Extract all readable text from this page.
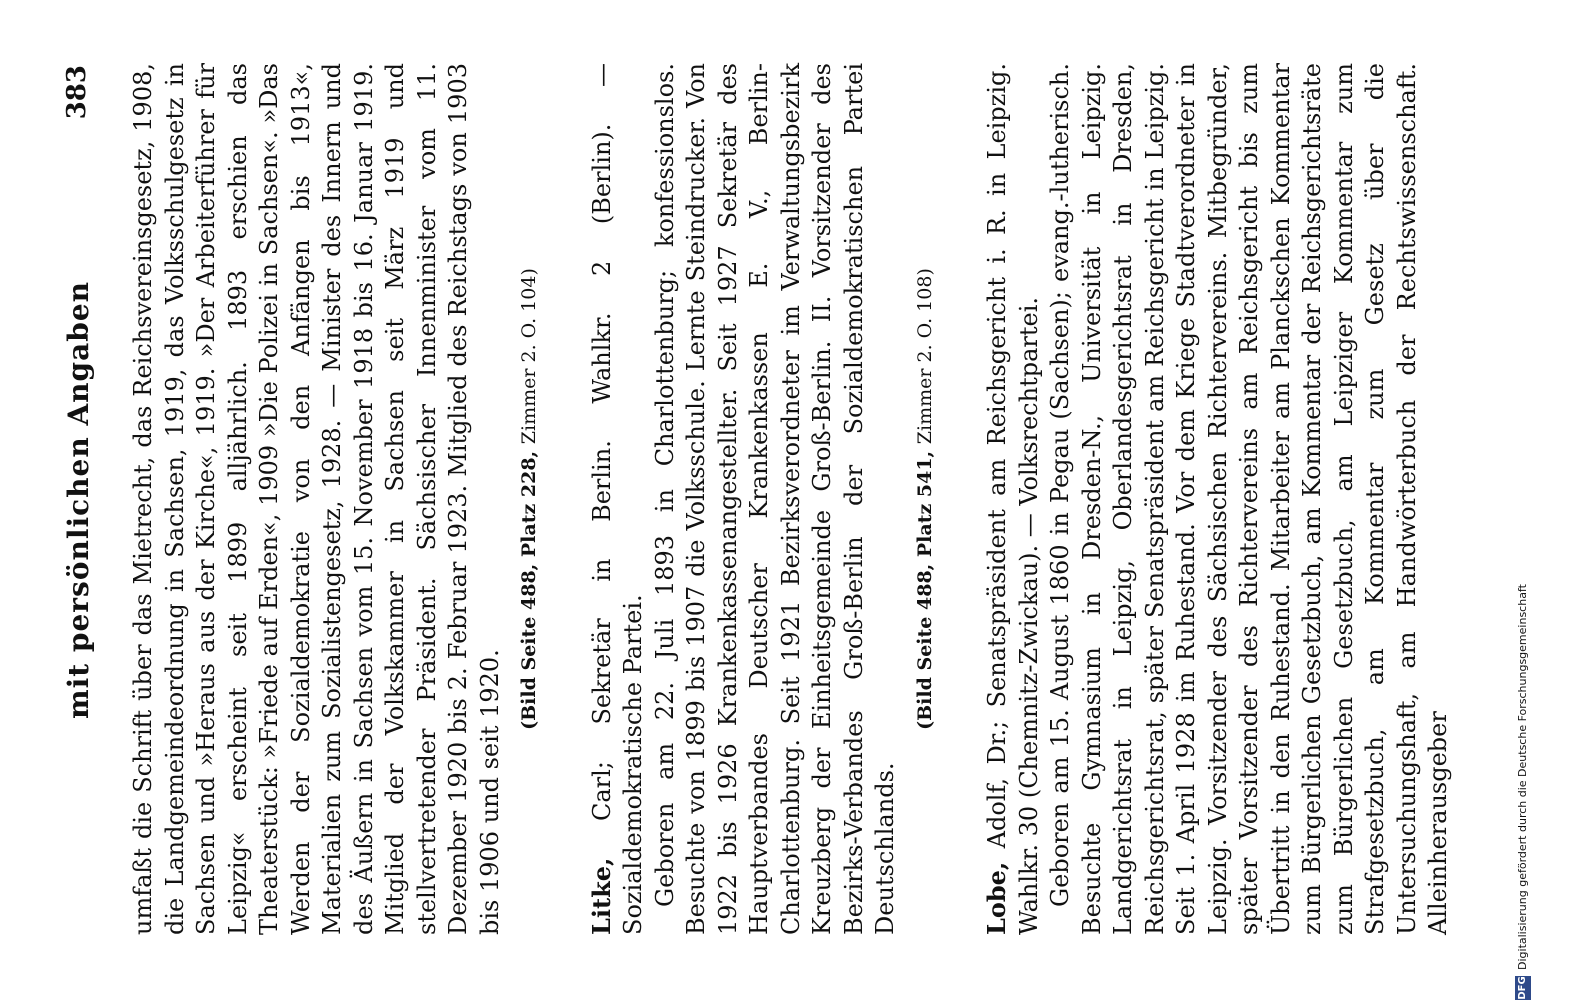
mit persönlichen Angaben
383 umfaßt die Schrift über das Mietrecht, das Reichsvereinsgesetz, 1908, die Landgemeindeordnung in Sachsen, 1919, das Volksschulgesetz in Sachsen und »Heraus aus der Kirche«, 1919. »Der Arbeiterführer für Leipzig« erscheint seit 1899 alljährlich. 1893 erschien das Theaterstück: »Friede auf Erden«, 1909 »Die Polizei in Sachsen«. »Das Werden der Sozialdemokratie von den Anfängen bis 1913«, Materialien zum Sozialistengesetz, 1928. — Minister des Innern und des Äußern in Sachsen vom 15. November 1918 bis 16. Januar 1919. Mitglied der Volkskammer in Sachsen seit März 1919 und stellvertretender Präsident. Sächsischer Innenminister vom 11. Dezember 1920 bis 2. Februar 1923. Mitglied des Reichstags von 1903 bis 1906 und seit 1920.

(Bild Seite 488, Platz 228, Zimmer 2. O. 104)

Litke, Carl; Sekretär in Berlin. Wahlkr. 2 (Berlin). — Sozialdemokratische Partei. Geboren am 22. Juli 1893 in Charlottenburg; konfessionslos. Besuchte von 1899 bis 1907 die Volksschule. Lernte Steindrucker. Von 1922 bis 1926 Krankenkassenangestellter. Seit 1927 Sekretär des Hauptverbandes Deutscher Krankenkassen E. V., Berlin-Charlottenburg. Seit 1921 Bezirksverordneter im Verwaltungsbezirk Kreuzberg der Einheitsgemeinde Groß-Berlin. II. Vorsitzender des Bezirks-Verbandes Groß-Berlin der Sozialdemokratischen Partei Deutschlands.

(Bild Seite 488, Platz 541, Zimmer 2. O. 108)

Lobe, Adolf, Dr.; Senatspräsident am Reichsgericht i. R. in Leipzig. Wahlkr. 30 (Chemnitz-Zwickau). — Volksrechtpartei. Geboren am 15. August 1860 in Pegau (Sachsen); evang.-lutherisch. Besuchte Gymnasium in Dresden-N., Universität in Leipzig. Landgerichtsrat in Leipzig, Oberlandesgerichtsrat in Dresden, Reichsgerichtsrat, später Senatspräsident am Reichsgericht in Leipzig. Seit 1. April 1928 im Ruhestand. Vor dem Kriege Stadtverordneter in Leipzig. Vorsitzender des Sächsischen Richtervereins. Mitbegründer, später Vorsitzender des Richtervereins am Reichsgericht bis zum Übertritt in den Ruhestand. Mitarbeiter am Planckschen Kommentar zum Bürgerlichen Gesetzbuch, am Kommentar der Reichsgerichtsräte zum Bürgerlichen Gesetzbuch, am Leipziger Kommentar zum Strafgesetzbuch, am Kommentar zum Gesetz über die Untersuchungshaft, am Handwörterbuch der Rechtswissenschaft. Alleinherausgeber

DFG
Digitalisierung gefördert durch die Deutsche Forschungsgemeinschaft
